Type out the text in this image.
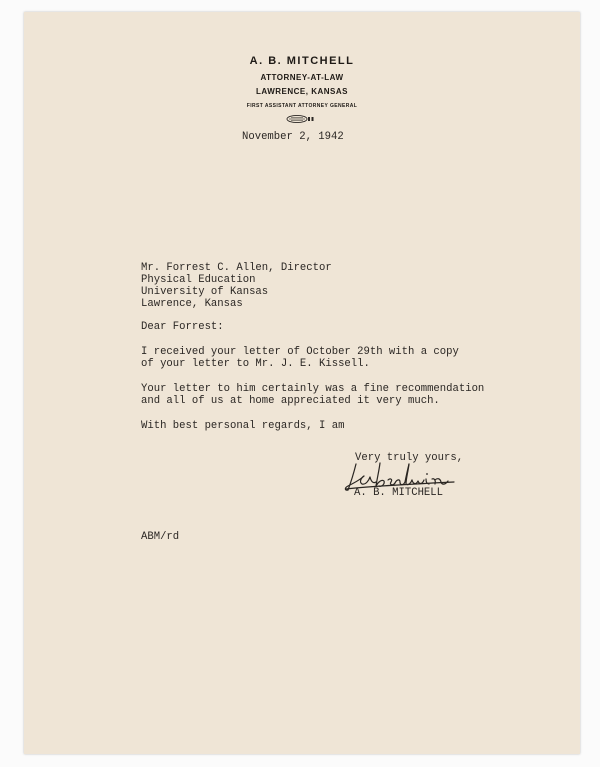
A. B. MITCHELL
ATTORNEY-AT-LAW
LAWRENCE, KANSAS
FIRST ASSISTANT ATTORNEY GENERAL
November 2, 1942
Mr. Forrest C. Allen, Director
Physical Education
University of Kansas
Lawrence, Kansas
Dear Forrest:
I received your letter of October 29th with a copy
of your letter to Mr. J. E. Kissell.
Your letter to him certainly was a fine recommendation
and all of us at home appreciated it very much.
With best personal regards, I am
Very truly yours,
A. B. MITCHELL
ABM/rd
